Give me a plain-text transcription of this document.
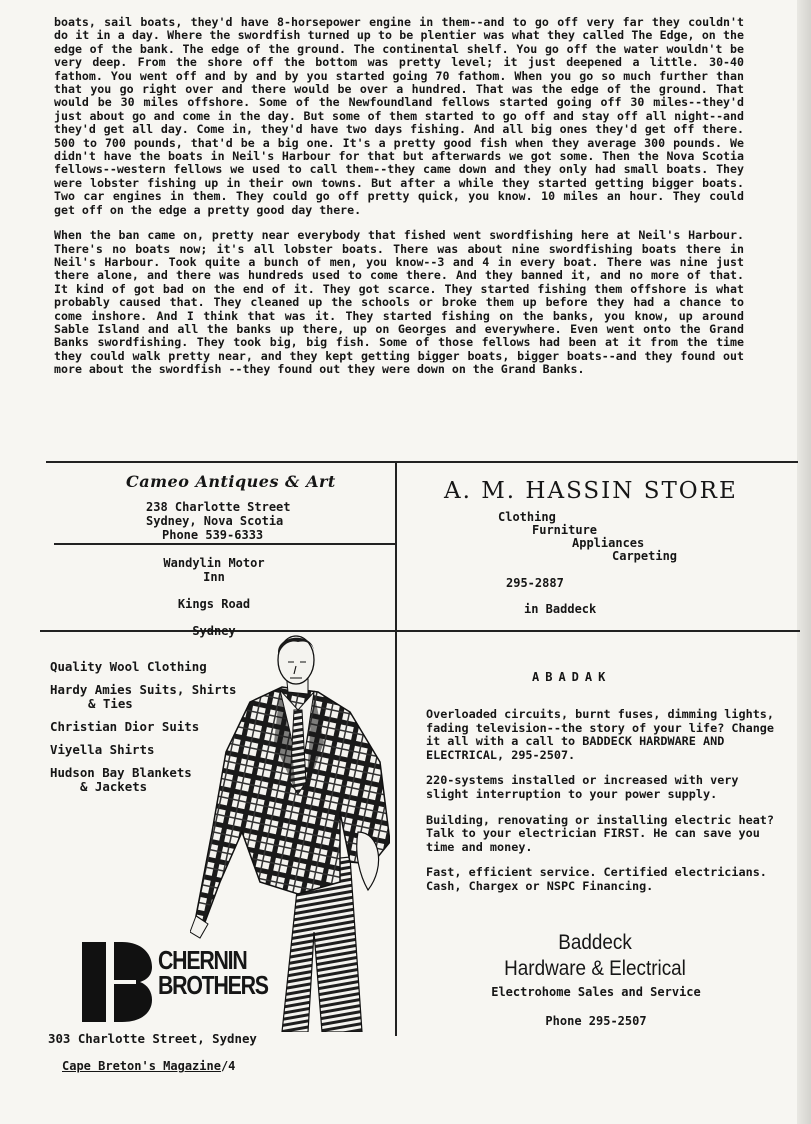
boats, sail boats, they'd have 8-horsepower engine in them--and to go off very far they couldn't do it in a day. Where the swordfish turned up to be plentier was what they called The Edge, on the edge of the bank. The edge of the ground. The continental shelf. You go off the water wouldn't be very deep. From the shore off the bottom was pretty level; it just deepened a little. 30-40 fathom. You went off and by and by you started going 70 fathom. When you go so much further than that you go right over and there would be over a hundred. That was the edge of the ground. That would be 30 miles offshore. Some of the Newfoundland fellows started going off 30 miles--they'd just about go and come in the day. But some of them started to go off and stay off all night--and they'd get all day. Come in, they'd have two days fishing. And all big ones they'd get off there. 500 to 700 pounds, that'd be a big one. It's a pretty good fish when they average 300 pounds. We didn't have the boats in Neil's Harbour for that but afterwards we got some. Then the Nova Scotia fellows--western fellows we used to call them--they came down and they only had small boats. They were lobster fishing up in their own towns. But after a while they started getting bigger boats. Two car engines in them. They could go off pretty quick, you know. 10 miles an hour. They could get off on the edge a pretty good day there.

When the ban came on, pretty near everybody that fished went swordfishing here at Neil's Harbour. There's no boats now; it's all lobster boats. There was about nine swordfishing boats there in Neil's Harbour. Took quite a bunch of men, you know--3 and 4 in every boat. There was nine just there alone, and there was hundreds used to come there. And they banned it, and no more of that. It kind of got bad on the end of it. They got scarce. They started fishing them offshore is what probably caused that. They cleaned up the schools or broke them up before they had a chance to come inshore. And I think that was it. They started fishing on the banks, you know, up around Sable Island and all the banks up there, up on Georges and everywhere. Even went onto the Grand Banks swordfishing. They took big, big fish. Some of those fellows had been at it from the time they could walk pretty near, and they kept getting bigger boats, bigger boats--and they found out more about the swordfish --they found out they were down on the Grand Banks.

Cameo Antiques & Art
238 Charlotte Street
Sydney, Nova Scotia
Phone 539-6333
Wandylin Motor Inn
Kings Road
Sydney
A. M. HASSIN STORE
Clothing
Furniture
Appliances
Carpeting
295-2887
in Baddeck
Quality Wool Clothing
Hardy Amies Suits, Shirts
& Ties
Christian Dior Suits
Viyella Shirts
Hudson Bay Blankets
& Jackets
CHERNIN
BROTHERS
303 Charlotte Street, Sydney
ABADAK

Overloaded circuits, burnt fuses, dimming lights, fading television--the story of your life? Change it all with a call to BADDECK HARDWARE AND ELECTRICAL, 295-2507.

220-systems installed or increased with very slight interruption to your power supply.

Building, renovating or installing electric heat? Talk to your electrician FIRST. He can save you time and money.

Fast, efficient service. Certified electricians. Cash, Chargex or NSPC Financing.

Baddeck
Hardware & Electrical
Electrohome Sales and Service
Phone 295-2507
Cape Breton's Magazine/4
